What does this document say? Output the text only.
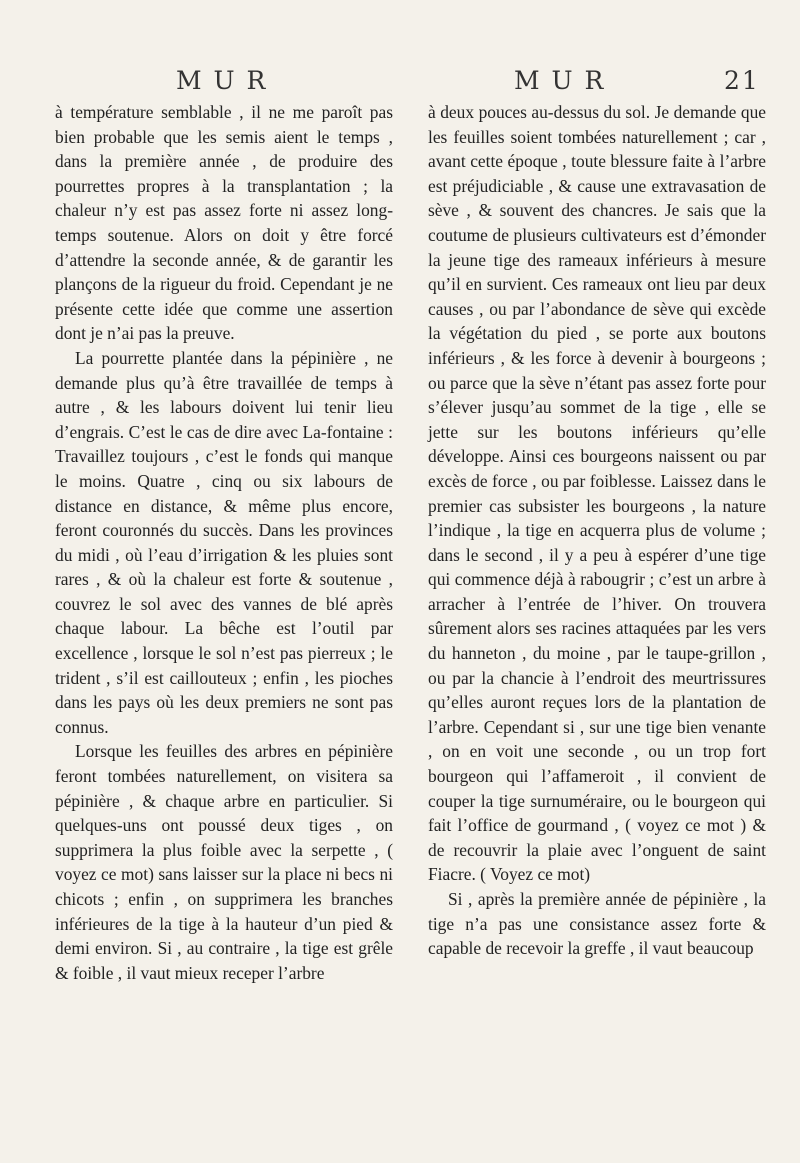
M U R	M U R	21

à température semblable , il ne me paroît pas bien probable que les semis aient le temps , dans la première année , de produire des pourrettes propres à la transplantation ; la chaleur n’y est pas assez forte ni assez long-temps soutenue. Alors on doit y être forcé d’attendre la seconde année, & de garantir les plançons de la rigueur du froid. Cependant je ne présente cette idée que comme une assertion dont je n’ai pas la preuve.

La pourrette plantée dans la pépinière , ne demande plus qu’à être travaillée de temps à autre , & les labours doivent lui tenir lieu d’engrais. C’est le cas de dire avec La-fontaine : Travaillez toujours , c’est le fonds qui manque le moins. Quatre , cinq ou six labours de distance en distance, & même plus encore, feront couronnés du succès. Dans les provinces du midi , où l’eau d’irrigation & les pluies sont rares , & où la chaleur est forte & soutenue , couvrez le sol avec des vannes de blé après chaque labour. La bêche est l’outil par excellence , lorsque le sol n’est pas pierreux ; le trident , s’il est caillouteux ; enfin , les pioches dans les pays où les deux premiers ne sont pas connus.

Lorsque les feuilles des arbres en pépinière feront tombées naturellement, on visitera sa pépinière , & chaque arbre en particulier. Si quelques-uns ont poussé deux tiges , on supprimera la plus foible avec la serpette , ( voyez ce mot) sans laisser sur la place ni becs ni chicots ; enfin , on supprimera les branches inférieures de la tige à la hauteur d’un pied & demi environ. Si , au contraire , la tige est grêle & foible , il vaut mieux receper l’arbre

à deux pouces au-dessus du sol. Je demande que les feuilles soient tombées naturellement ; car , avant cette époque , toute blessure faite à l’arbre est préjudiciable , & cause une extravasation de sève , & souvent des chancres. Je sais que la coutume de plusieurs cultivateurs est d’émonder la jeune tige des rameaux inférieurs à mesure qu’il en survient. Ces rameaux ont lieu par deux causes , ou par l’abondance de sève qui excède la végétation du pied , se porte aux boutons inférieurs , & les force à devenir à bourgeons ; ou parce que la sève n’étant pas assez forte pour s’élever jusqu’au sommet de la tige , elle se jette sur les boutons inférieurs qu’elle développe. Ainsi ces bourgeons naissent ou par excès de force , ou par foiblesse. Laissez dans le premier cas subsister les bourgeons , la nature l’indique , la tige en acquerra plus de volume ; dans le second , il y a peu à espérer d’une tige qui commence déjà à rabougrir ; c’est un arbre à arracher à l’entrée de l’hiver. On trouvera sûrement alors ses racines attaquées par les vers du hanneton , du moine , par le taupe-grillon , ou par la chancie à l’endroit des meurtrissures qu’elles auront reçues lors de la plantation de l’arbre. Cependant si , sur une tige bien venante , on en voit une seconde , ou un trop fort bourgeon qui l’affameroit , il convient de couper la tige surnuméraire, ou le bourgeon qui fait l’office de gourmand , ( voyez ce mot ) & de recouvrir la plaie avec l’onguent de saint Fiacre. ( Voyez ce mot)

Si , après la première année de pépinière , la tige n’a pas une consistance assez forte & capable de recevoir la greffe , il vaut beaucoup
